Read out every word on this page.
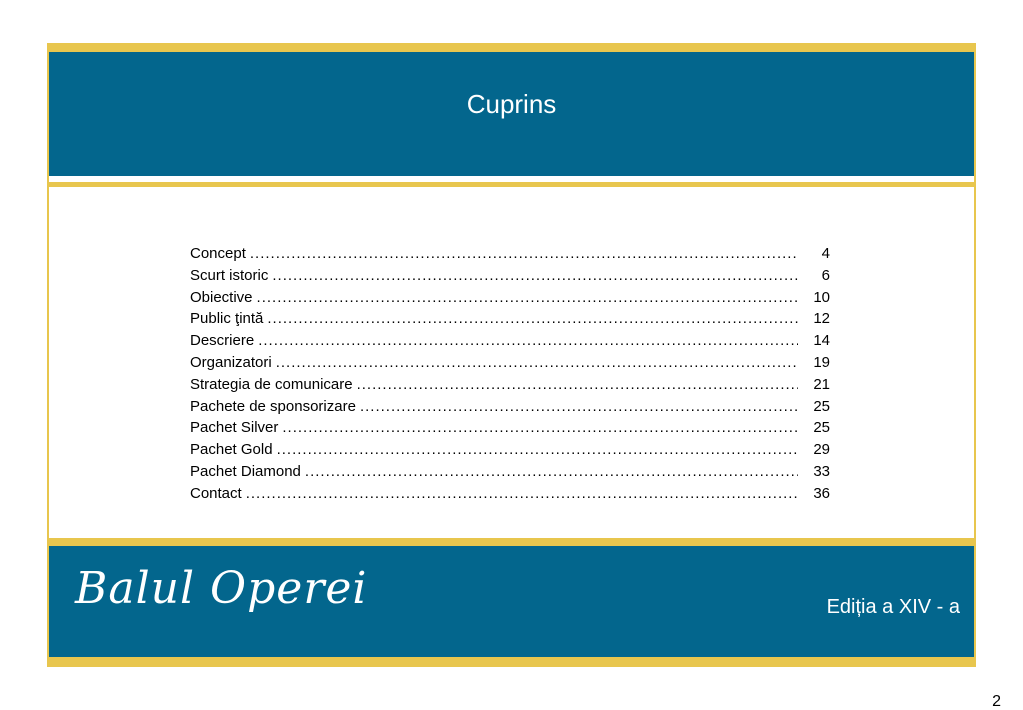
Cuprins
Concept .....	4
Scurt istoric .....	6
Obiective .....	10
Public ţintă .....	12
Descriere .....	14
Organizatori .....	19
Strategia de comunicare .....	21
Pachete de sponsorizare .....	25
Pachet Silver .....	25
Pachet Gold .....	29
Pachet Diamond .....	33
Contact .....	36
Balul Operei	Ediția a XIV - a
2
